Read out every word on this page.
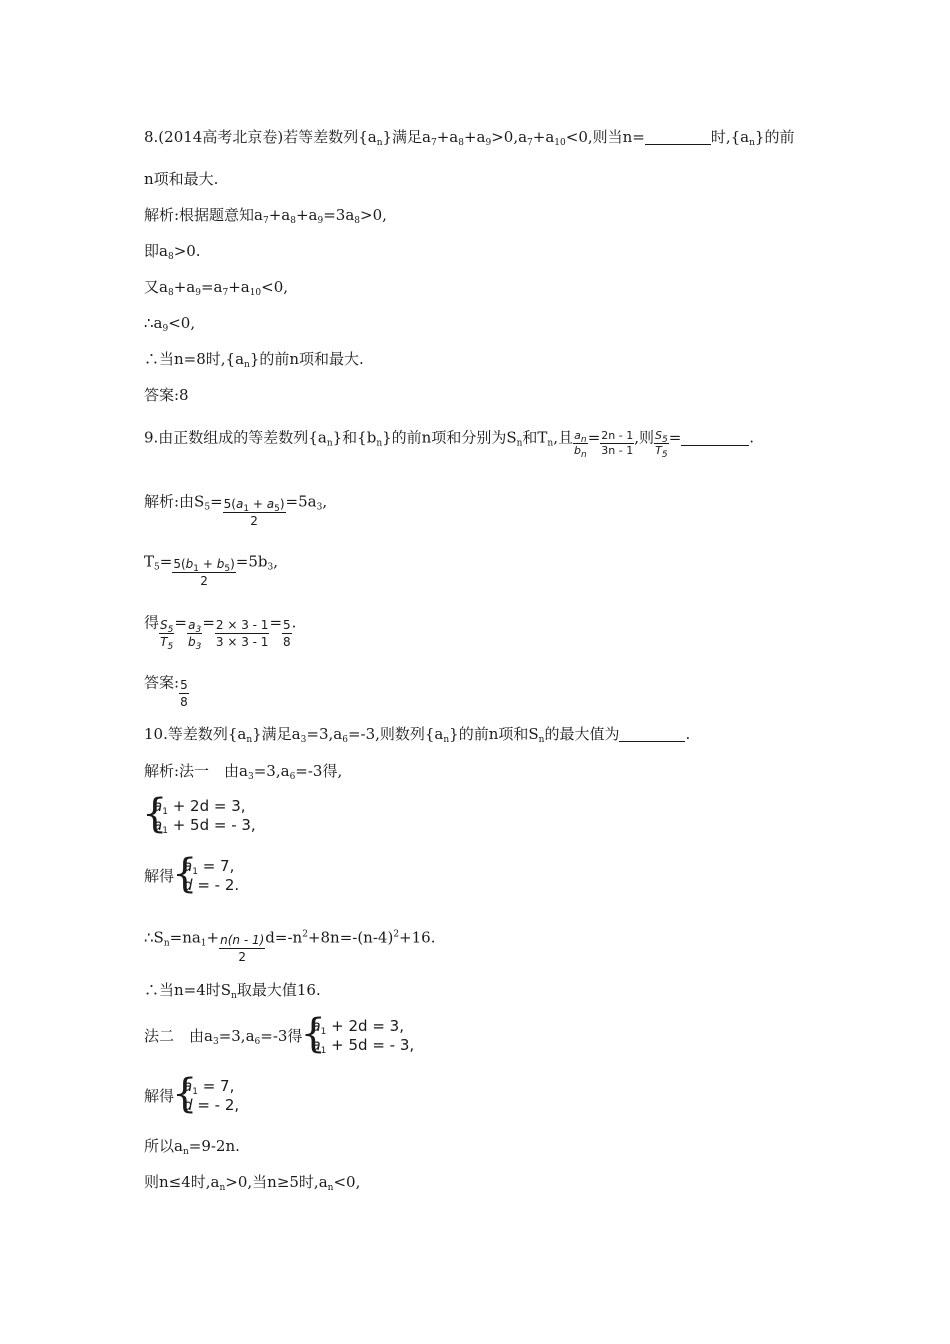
8.(2014高考北京卷)若等差数列$\{a_n\}$满足$a_7+a_8+a_9>0,a_7+a_{10}<0$,则当n=	时$,\{a_n\}$的前
n项和最大.
解析:根据题意知$a_7+a_8+a_9=3a_8>0$,
即$a_8>0$.
又$a_8+a_9=a_7+a_{10}<0$,
$\therefore a_9<0$,
∴当n=8时$,\{a_n\}$的前n项和最大.
答案:8
9.由正数组成的等差数列$\{a_n\}$和$\{b_n\}$的前n项和分别为$S_n$和$T_n$,且 $\frac{a_n}{b_n} = \frac{2n - 1}{3n - 1}$ ,则 $\frac{S_5}{T_5}$ =	.
解析:由$S_5= \frac{5(a_1 + a_5)}{2} =5a_3$,
$T_5= \frac{5(b_1 + b_5)}{2} =5b_3$,
得 $\frac{S_5}{T_5} = \frac{a_3}{b_3} = \frac{2 \times 3 - 1}{3 \times 3 - 1} = \frac{5}{8}$ .
答案: $\frac{5}{8}$
10.等差数列$\{a_n\}$满足$a_3=3,a_6=-3$,则数列$\{a_n\}$的前n项和$S_n$的最大值为	.
解析:法一　由$a_3=3,a_6=-3$得,
{ $a_1 + 2d = 3$,
$a_1 + 5d$ = - 3,
解得
{ $a_1 = 7$,
d = - 2.
$\therefore S_n=na_1+ \frac{n(n - 1)}{2} d=-n^2+8n=-(n-4)^2+16$.
∴当n=4时$S_n$取最大值16.
法二　由$a_3=3,a_6=-3$得
{ $a_1 + 2d = 3$,
$a_1 + 5d$ = - 3,
解得
{ $a_1 = 7$,
d = - 2,
所以$a_n=9-2n$.
则n≤4时$,a_n>0$,当n≥5时$,a_n<0$,
